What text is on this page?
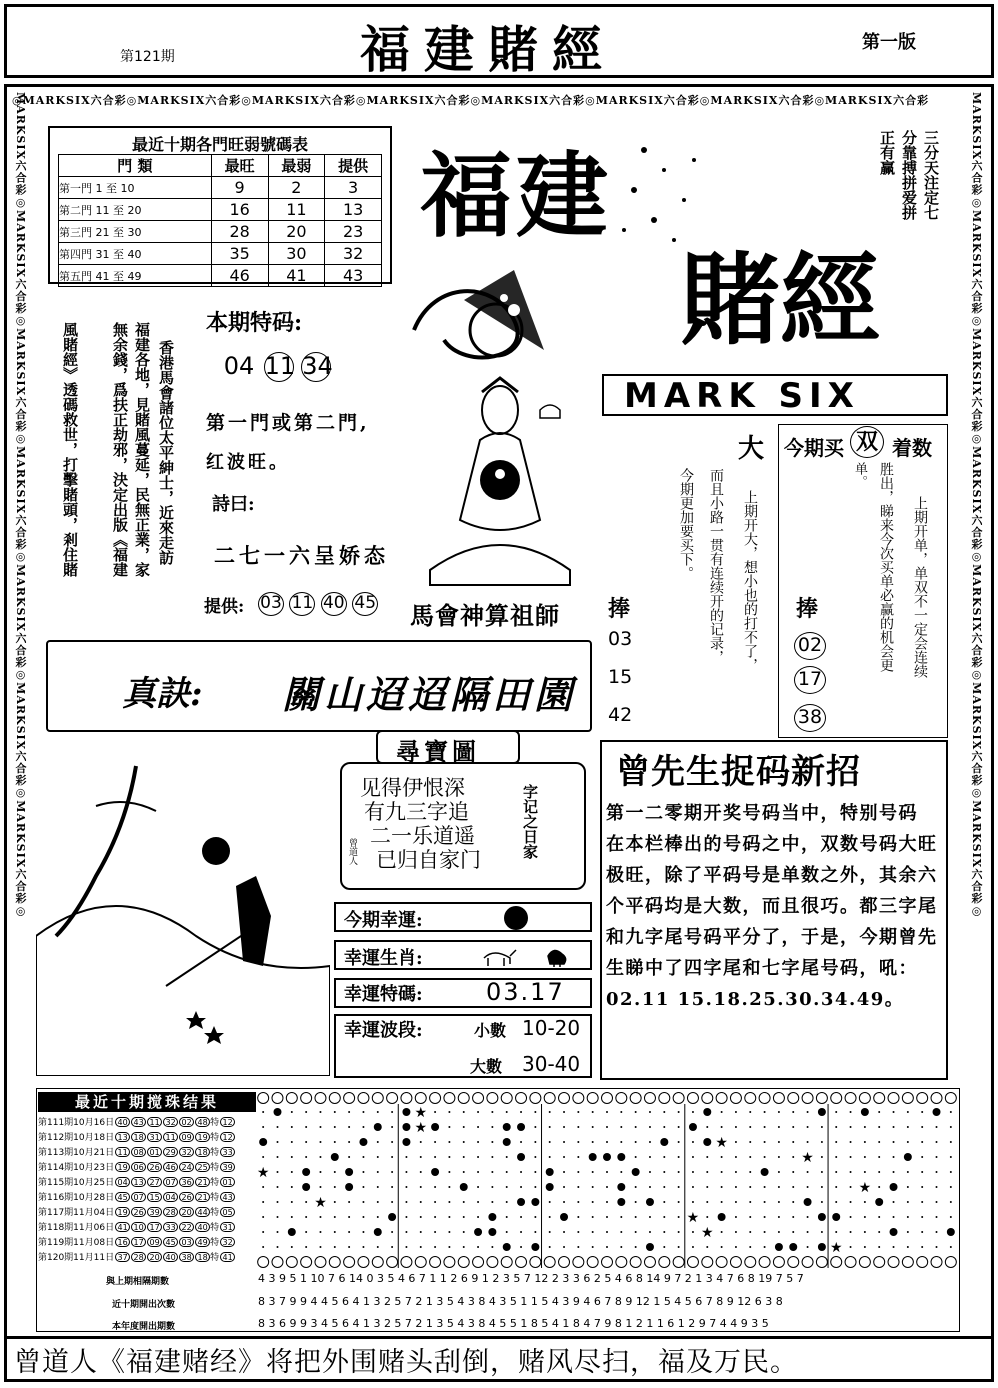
第121期	福建賭經	第一版
◎MARKSIX六合彩◎MARKSIX六合彩◎MARKSIX六合彩◎MARKSIX六合彩◎MARKSIX六合彩◎MARKSIX六合彩◎MARKSIX六合彩◎MARKSIX六合彩
MARKSIX六合彩◎MARKSIX六合彩◎MARKSIX六合彩◎MARKSIX六合彩◎MARKSIX六合彩◎MARKSIX六合彩◎MARKSIX六合彩◎	MARKSIX六合彩◎MARKSIX六合彩◎MARKSIX六合彩◎MARKSIX六合彩◎MARKSIX六合彩◎MARKSIX六合彩◎MARKSIX六合彩◎
最近十期各門旺弱號碼表
門 類	最旺	最弱	提供
第一門 1 至 10	9	2	3
第二門 11 至 20	16	11	13
第三門 21 至 30	28	20	23
第四門 31 至 40	35	30	32
第五門 41 至 49	46	41	43
福建
賭經
三分天注定七分靠搏拼爱拼正有赢
MARK SIX
風賭經》透碼救世，打擊賭頭，剎住賭 無余錢，爲扶正劫邪，決定出版《福建 福建各地，見賭風蔓延，民無正業，家 香港馬會諸位太平紳士，近來走訪
本期特码:
04 11 34
第一門或第二門,
红波旺。
詩曰:
二七一六呈娇态
提供: 03 11 40 45 馬會神算祖師 捧
03
15
42
真訣: 關山迢迢隔田園
大 今期买 双 着数
单。
今期更加要买下。 而且小路一贯有连续开的记录， 上期开大，想小也的打不了，	胜出，睇来今次买单必赢的机会更 上期开单，单双不一定会连续
捧
02
17
38
尋寶圖
见得伊恨深
有九三字追
二一乐道遥
已归自家门
字记之日家
曾道人
今期幸運:
幸運生肖:
幸運特碼:	03.17
幸運波段:	小數 10-20
大數 30-40
曾先生捉码新招
第一二零期开奖号码当中，特别号码　在本栏棒出的号码之中，双数号码大旺极旺，除了平码号是单数之外，其余六个平码均是大数，而且很巧。都三字尾和九字尾号码平分了，于是，今期曾先生睇中了四字尾和七字尾号码，吼：02.11 15.18.25.30.34.49。
最近十期搅珠结果
第111期10月16日 40 43 11 32 02 48 特 12
第112期10月18日 13 18 31 11 09 19 特 12
第113期10月21日 11 08 01 29 32 18 特 33
第114期10月23日 19 06 26 46 24 25 特 39
第115期10月25日 04 13 27 07 36 21 特 01
第116期10月28日 45 07 15 04 26 21 特 43
第117期11月04日 19 26 39 28 20 44 特 05
第118期11月06日 41 10 17 33 22 40 特 31
第119期11月08日 16 17 09 45 03 49 特 32
第120期11月11日 37 28 20 40 38 18 特 41
★
★
★
★
★
★
★
★
★
★
與上期相隔期數
近十期開出次數
本年度開出期數
4 3 9 5 1 10 7 6 14 0 3 5 4 6 7 1 1 2 6 9 1 2 3 5 7 12 2 3 3 6 2 5 4 6 8 14 9 7 2 1 3 4 7 6 8 19 7 5 7
8 3 7 9 9 4 4 5 6 4 1 3 2 5 7 2 1 3 5 4 3 8 4 3 5 1 1 5 4 3 9 4 6 7 8 9 12 1 5 4 5 6 7 8 9 12 6 3 8
8 3 6 9 9 3 4 5 6 4 1 3 2 5 7 2 1 3 5 4 3 8 4 5 5 1 8 5 4 1 8 4 7 9 8 1 2 1 1 6 1 2 9 7 4 4 9 3 5
曾道人《福建赌经》将把外围赌头刮倒，赌风尽扫，福及万民。
